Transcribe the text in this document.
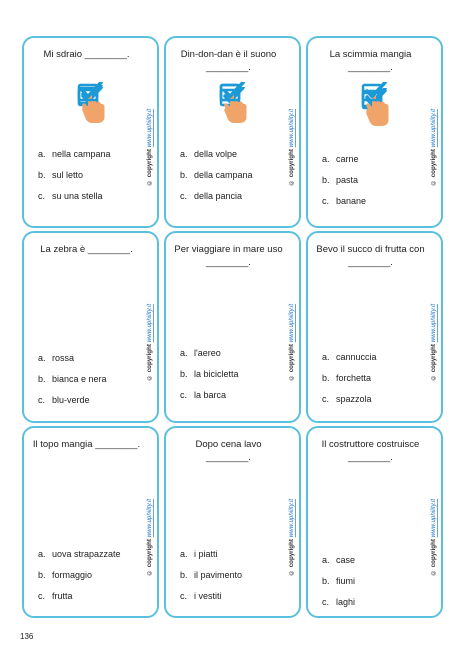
Mi sdraio ________.
a. nella campana
b. sul letto
c. su una stella
© copyright www.uphility.it
Din-don-dan è il suono ________.
a. della volpe
b. della campana
c. della pancia
© copyright www.uphility.it
La scimmia mangia ________.
a. carne
b. pasta
c. banane
© copyright www.uphility.it
La zebra è ________.
a. rossa
b. bianca e nera
c. blu-verde
© copyright www.uphility.it
Per viaggiare in mare uso ________.
a. l'aereo
b. la bicicletta
c. la barca
© copyright www.uphility.it
Bevo il succo di frutta con ________.
a. cannuccia
b. forchetta
c. spazzola
© copyright www.uphility.it
Il topo mangia ________.
a. uova strapazzate
b. formaggio
c. frutta
© copyright www.uphility.it
Dopo cena lavo ________.
a. i piatti
b. il pavimento
c. i vestiti
© copyright www.uphility.it
Il costruttore costruisce ________.
a. case
b. fiumi
c. laghi
© copyright www.uphility.it
136
